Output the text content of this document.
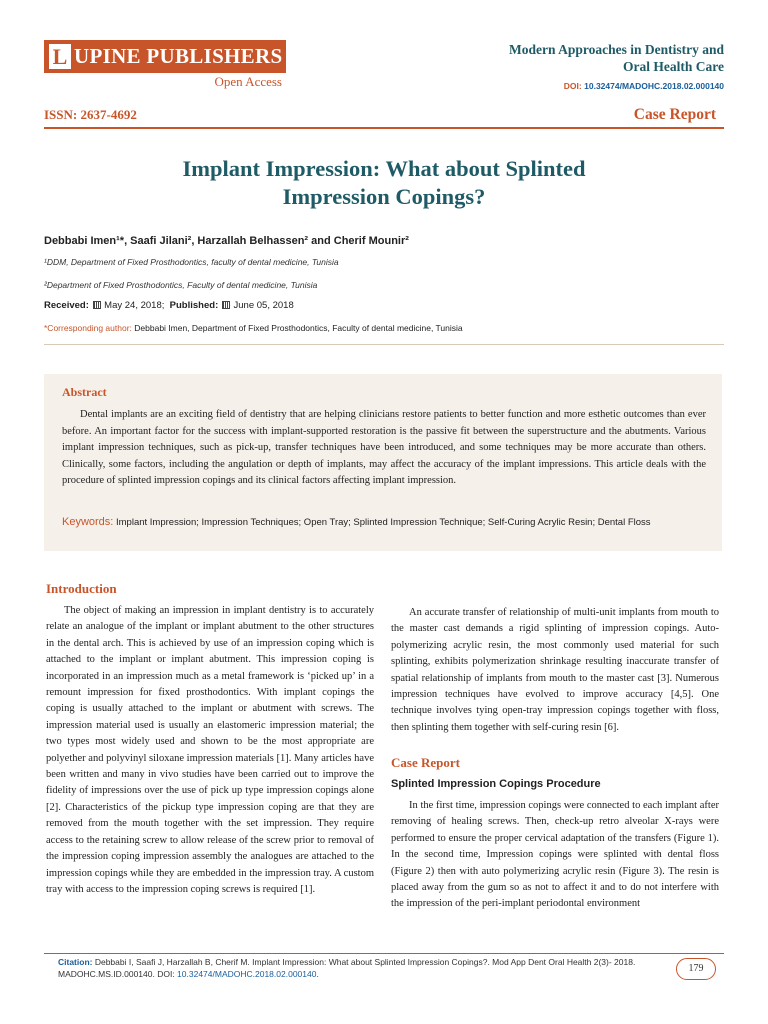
L UPINE PUBLISHERS
Open Access
Modern Approaches in Dentistry and
Oral Health Care
DOI: 10.32474/MADOHC.2018.02.000140
ISSN: 2637-4692	Case Report
Implant Impression: What about Splinted
Impression Copings?
Debbabi Imen¹*, Saafi Jilani², Harzallah Belhassen² and Cherif Mounir²
¹DDM, Department of Fixed Prosthodontics, faculty of dental medicine, Tunisia
²Department of Fixed Prosthodontics, Faculty of dental medicine, Tunisia
Received: May 24, 2018; Published: June 05, 2018
*Corresponding author: Debbabi Imen, Department of Fixed Prosthodontics, Faculty of dental medicine, Tunisia
Abstract
Dental implants are an exciting field of dentistry that are helping clinicians restore patients to better function and more esthetic outcomes than ever before. An important factor for the success with implant-supported restoration is the passive fit between the superstructure and the abutments. Various implant impression techniques, such as pick-up, transfer techniques have been introduced, and some techniques may be more accurate than others. Clinically, some factors, including the angulation or depth of implants, may affect the accuracy of the implant impressions. This article deals with the procedure of splinted impression copings and its clinical factors affecting implant impression.
Keywords: Implant Impression; Impression Techniques; Open Tray; Splinted Impression Technique; Self-Curing Acrylic Resin; Dental Floss
Introduction

The object of making an impression in implant dentistry is to accurately relate an analogue of the implant or implant abutment to the other structures in the dental arch. This is achieved by use of an impression coping which is attached to the implant or implant abutment. This impression coping is incorporated in an impression much as a metal framework is ‘picked up’ in a remount impression for fixed prosthodontics. With implant copings the coping is usually attached to the implant or abutment with screws. The impression material used is usually an elastomeric impression material; the two types most widely used and shown to be the most appropriate are polyether and polyvinyl siloxane impression materials [1]. Many articles have been written and many in vivo studies have been carried out to improve the fidelity of impressions over the use of pick up type impression copings alone [2]. Characteristics of the pickup type impression coping are that they are removed from the mouth together with the set impression. They require access to the retaining screw to allow release of the screw prior to removal of the impression coping impression assembly the analogues are attached to the impression copings while they are embedded in the impression tray. A custom tray with access to the impression coping screws is required [1].

An accurate transfer of relationship of multi-unit implants from mouth to the master cast demands a rigid splinting of impression copings. Auto-polymerizing acrylic resin, the most commonly used material for such splinting, exhibits polymerization shrinkage resulting inaccurate transfer of spatial relationship of implants from mouth to the master cast [3]. Numerous impression techniques have evolved to improve accuracy [4,5]. One technique involves tying open-tray impression copings together with floss, then splinting them together with self-curing resin [6].

Case Report
Splinted Impression Copings Procedure

In the first time, impression copings were connected to each implant after removing of healing screws. Then, check-up retro alveolar X-rays were performed to ensure the proper cervical adaptation of the transfers (Figure 1). In the second time, Impression copings were splinted with dental floss (Figure 2) then with auto polymerizing acrylic resin (Figure 3). The resin is placed away from the gum so as not to affect it and to do not interfere with the impression of the peri-implant periodontal environment

Citation: Debbabi I, Saafi J, Harzallah B, Cherif M. Implant Impression: What about Splinted Impression Copings?. Mod App Dent Oral Health 2(3)- 2018. MADOHC.MS.ID.000140. DOI: 10.32474/MADOHC.2018.02.000140.	179
